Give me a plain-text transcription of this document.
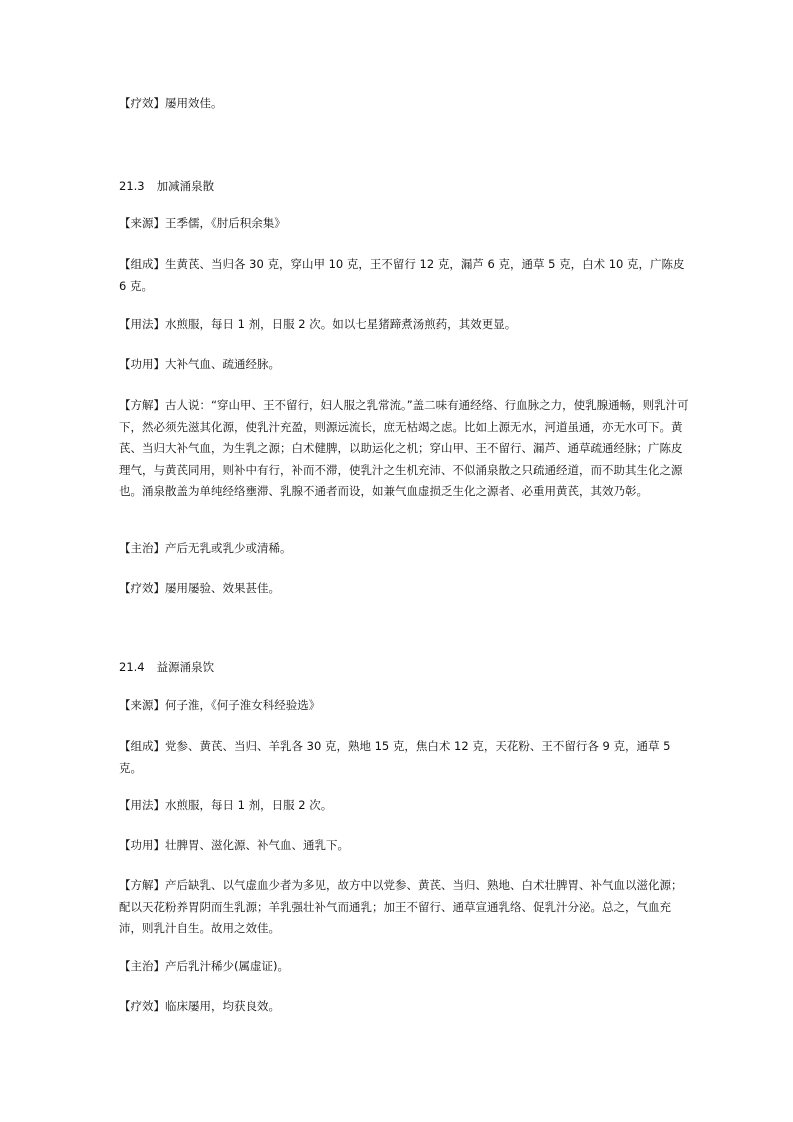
【疗效】屡用效佳。
21.3 加减涌泉散
【来源】王季儒，《肘后积余集》
【组成】生黄芪、当归各 30 克，穿山甲 10 克，王不留行 12 克，漏芦 6 克，通草 5 克，白术 10 克，广陈皮 6 克。
【用法】水煎服，每日 1 剂，日服 2 次。如以七星猪蹄煮汤煎药，其效更显。
【功用】大补气血、疏通经脉。
【方解】古人说：“穿山甲、王不留行，妇人服之乳常流。”盖二味有通经络、行血脉之力，使乳腺通畅，则乳汁可下，然必须先滋其化源，使乳汁充盈，则源远流长，庶无枯竭之虑。比如上源无水，河道虽通，亦无水可下。黄芪、当归大补气血，为生乳之源；白术健脾，以助运化之机；穿山甲、王不留行、漏芦、通草疏通经脉；广陈皮理气，与黄芪同用，则补中有行，补而不滞，使乳汁之生机充沛、不似涌泉散之只疏通经道，而不助其生化之源也。涌泉散盖为单纯经络壅滞、乳腺不通者而设，如兼气血虚损乏生化之源者、必重用黄芪，其效乃彰。
【主治】产后无乳或乳少或清稀。
【疗效】屡用屡验、效果甚佳。
21.4 益源涌泉饮
【来源】何子淮，《何子淮女科经验选》
【组成】党参、黄芪、当归、羊乳各 30 克，熟地 15 克，焦白术 12 克，天花粉、王不留行各 9 克，通草 5 克。
【用法】水煎服，每日 1 剂，日服 2 次。
【功用】壮脾胃、滋化源、补气血、通乳下。
【方解】产后缺乳、以气虚血少者为多见，故方中以党参、黄芪、当归、熟地、白术壮脾胃、补气血以滋化源；配以天花粉养胃阴而生乳源；羊乳强壮补气而通乳；加王不留行、通草宣通乳络、促乳汁分泌。总之，气血充沛，则乳汁自生。故用之效佳。
【主治】产后乳汁稀少(属虚证)。
【疗效】临床屡用，均获良效。
